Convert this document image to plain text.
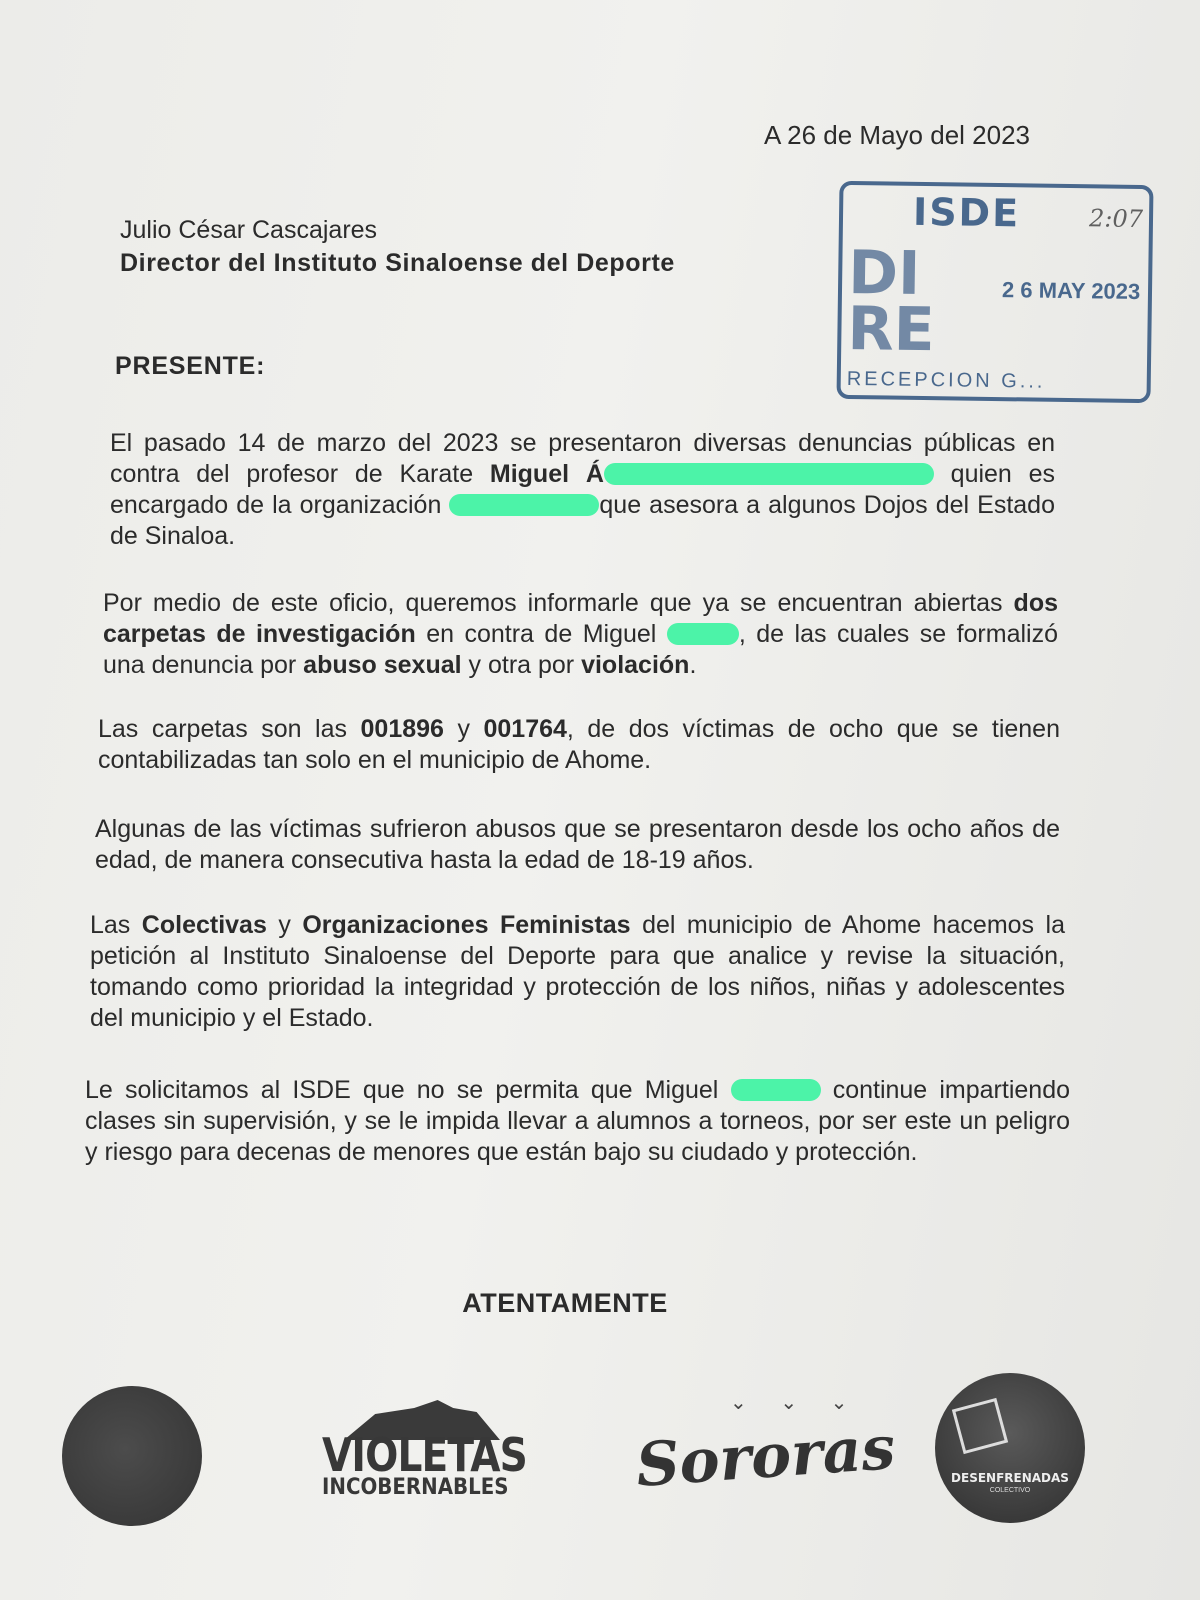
A 26 de Mayo del 2023
Julio César Cascajares
Director del Instituto Sinaloense del Deporte
ISDE	2:07
DI
RE
2 6 MAY 2023
RECEPCION G...
PRESENTE:
El pasado 14 de marzo del 2023 se presentaron diversas denuncias públicas en contra del profesor de Karate Miguel Á	quien es encargado de la organización	que asesora a algunos Dojos del Estado de Sinaloa.
Por medio de este oficio, queremos informarle que ya se encuentran abiertas dos carpetas de investigación en contra de Miguel	, de las cuales se formalizó una denuncia por abuso sexual y otra por violación.
Las carpetas son las 001896 y 001764, de dos víctimas de ocho que se tienen contabilizadas tan solo en el municipio de Ahome.
Algunas de las víctimas sufrieron abusos que se presentaron desde los ocho años de edad, de manera consecutiva hasta la edad de 18-19 años.
Las Colectivas y Organizaciones Feministas del municipio de Ahome hacemos la petición al Instituto Sinaloense del Deporte para que analice y revise la situación, tomando como prioridad la integridad y protección de los niños, niñas y adolescentes del municipio y el Estado.
Le solicitamos al ISDE que no se permita que Miguel	continue impartiendo clases sin supervisión, y se le impida llevar a alumnos a torneos, por ser este un peligro y riesgo para decenas de menores que están bajo su ciudado y protección.
ATENTAMENTE
VIOLETAS
INCOBERNABLES
⌄ ⌄ ⌄
Sororas	DESENFRENADAS
COLECTIVO
